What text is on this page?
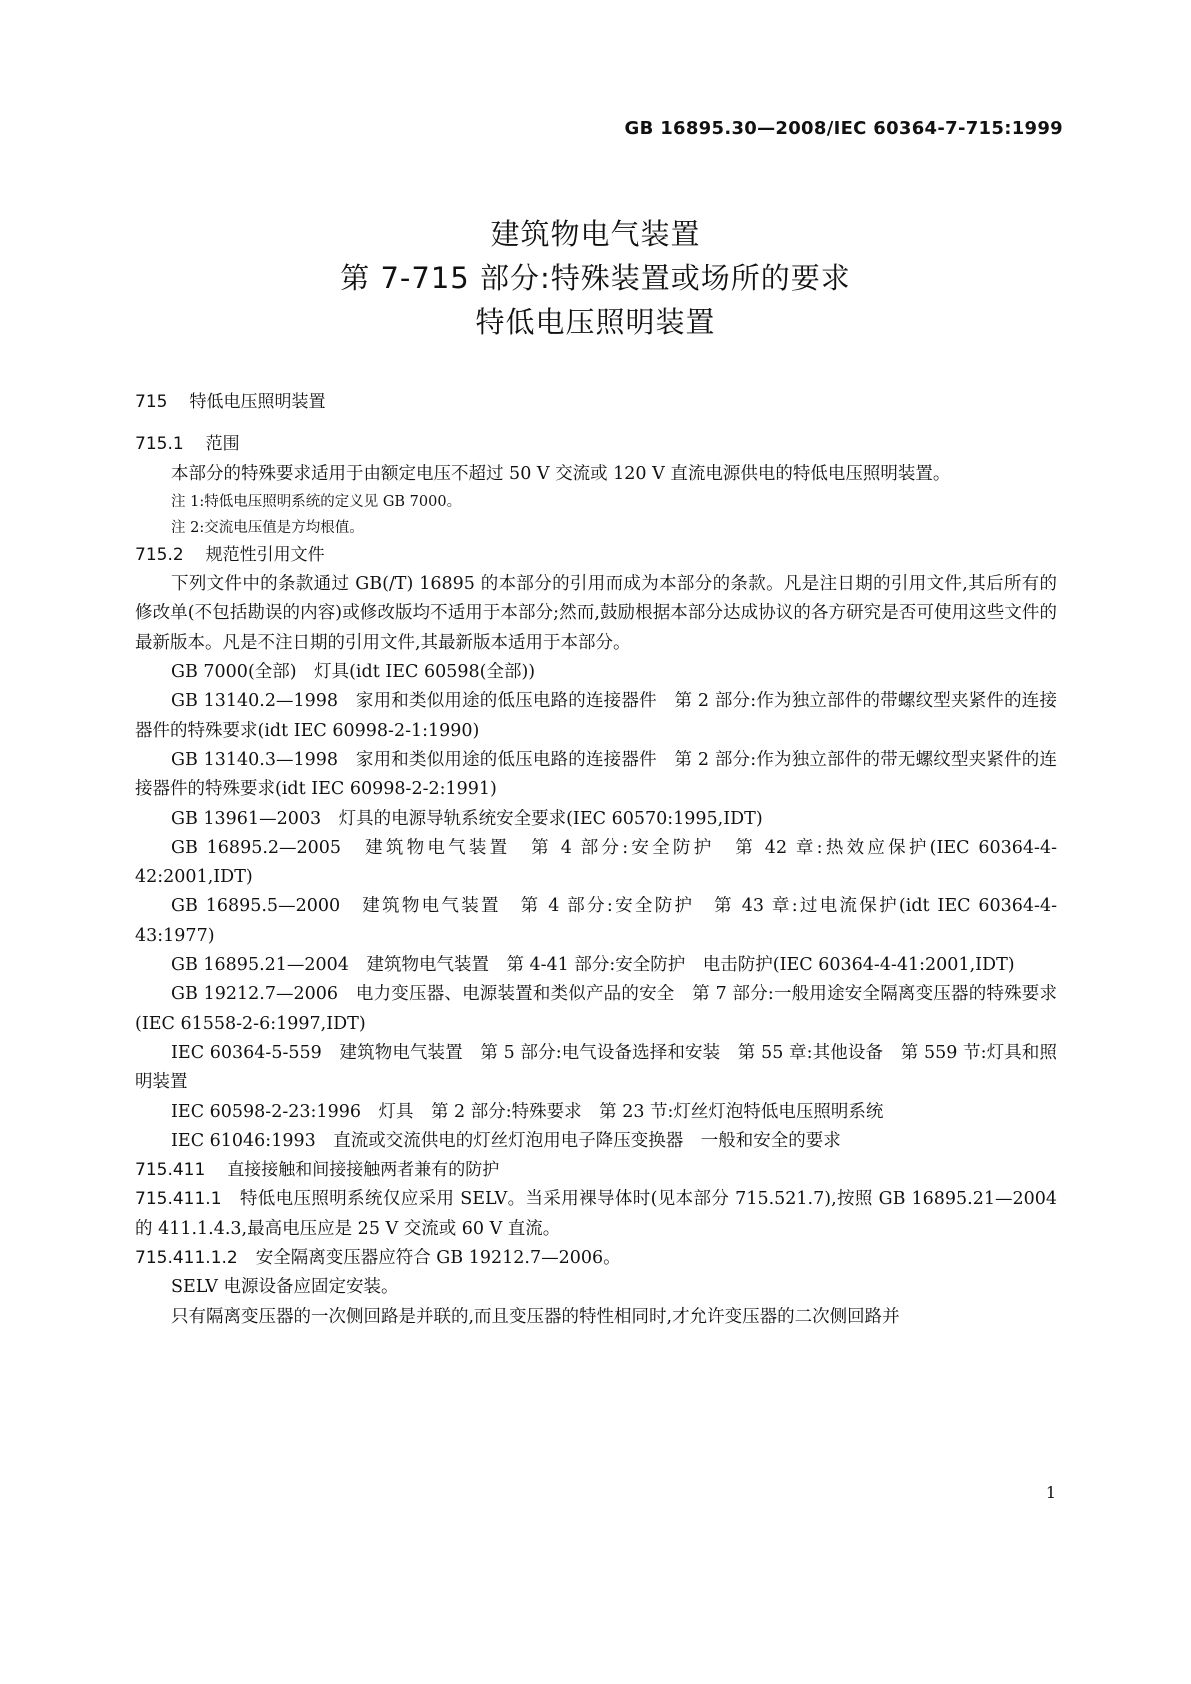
GB 16895.30—2008/IEC 60364-7-715:1999
建筑物电气装置
第 7-715 部分:特殊装置或场所的要求
特低电压照明装置
715 特低电压照明装置
715.1 范围

本部分的特殊要求适用于由额定电压不超过 50 V 交流或 120 V 直流电源供电的特低电压照明装置。

注 1:特低电压照明系统的定义见 GB 7000。
注 2:交流电压值是方均根值。
715.2 规范性引用文件

下列文件中的条款通过 GB(/T) 16895 的本部分的引用而成为本部分的条款。凡是注日期的引用文件,其后所有的修改单(不包括勘误的内容)或修改版均不适用于本部分;然而,鼓励根据本部分达成协议的各方研究是否可使用这些文件的最新版本。凡是不注日期的引用文件,其最新版本适用于本部分。

GB 7000(全部)　灯具(idt IEC 60598(全部))

GB 13140.2—1998　家用和类似用途的低压电路的连接器件　第 2 部分:作为独立部件的带螺纹型夹紧件的连接器件的特殊要求(idt IEC 60998-2-1:1990)

GB 13140.3—1998　家用和类似用途的低压电路的连接器件　第 2 部分:作为独立部件的带无螺纹型夹紧件的连接器件的特殊要求(idt IEC 60998-2-2:1991)

GB 13961—2003　灯具的电源导轨系统安全要求(IEC 60570:1995,IDT)

GB 16895.2—2005　建筑物电气装置　第 4 部分:安全防护　第 42 章:热效应保护(IEC 60364-4-42:2001,IDT)

GB 16895.5—2000　建筑物电气装置　第 4 部分:安全防护　第 43 章:过电流保护(idt IEC 60364-4-43:1977)

GB 16895.21—2004　建筑物电气装置　第 4-41 部分:安全防护　电击防护(IEC 60364-4-41:2001,IDT)

GB 19212.7—2006　电力变压器、电源装置和类似产品的安全　第 7 部分:一般用途安全隔离变压器的特殊要求(IEC 61558-2-6:1997,IDT)

IEC 60364-5-559　建筑物电气装置　第 5 部分:电气设备选择和安装　第 55 章:其他设备　第 559 节:灯具和照明装置

IEC 60598-2-23:1996　灯具　第 2 部分:特殊要求　第 23 节:灯丝灯泡特低电压照明系统

IEC 61046:1993　直流或交流供电的灯丝灯泡用电子降压变换器　一般和安全的要求

715.411 直接接触和间接接触两者兼有的防护

715.411.1 特低电压照明系统仅应采用 SELV。当采用裸导体时(见本部分 715.521.7),按照 GB 16895.21—2004 的 411.1.4.3,最高电压应是 25 V 交流或 60 V 直流。

715.411.1.2 安全隔离变压器应符合 GB 19212.7—2006。

SELV 电源设备应固定安装。

只有隔离变压器的一次侧回路是并联的,而且变压器的特性相同时,才允许变压器的二次侧回路并

1
